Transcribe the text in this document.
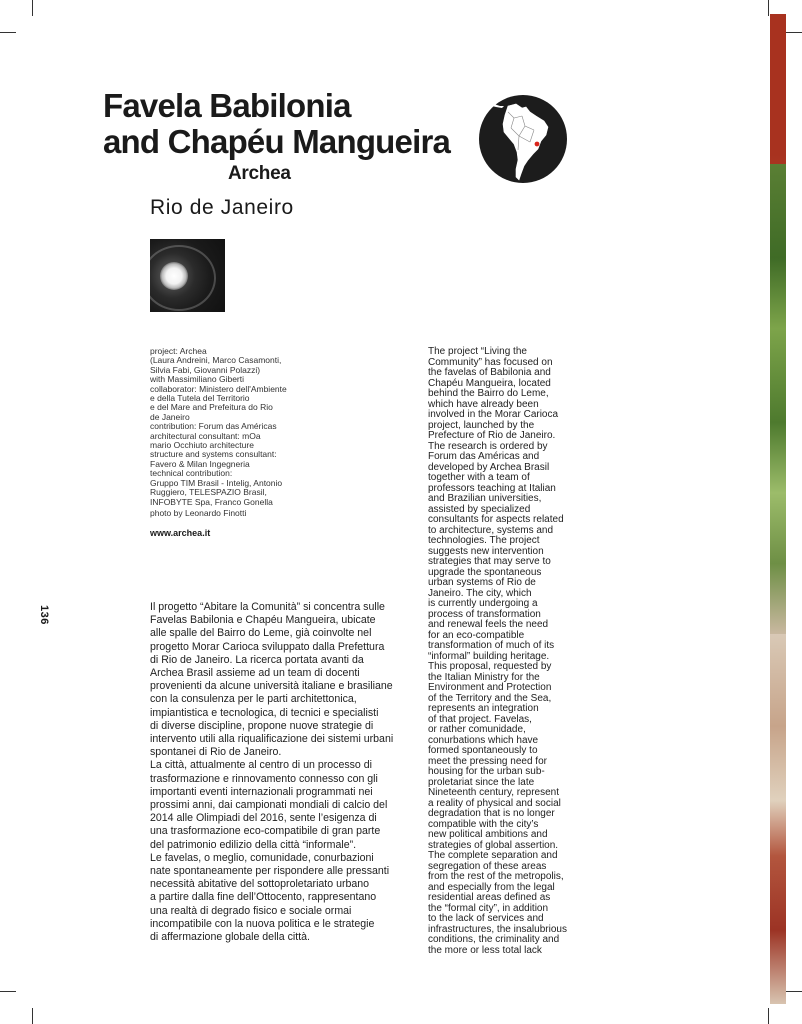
Favela Babilonia
and Chapéu Mangueira
Archea
Rio de Janeiro
project: Archea
(Laura Andreini, Marco Casamonti,
Silvia Fabi, Giovanni Polazzi)
with Massimiliano Giberti
collaborator: Ministero dell'Ambiente
e della Tutela del Territorio
e del Mare and Prefeitura do Rio
de Janeiro
contribution: Forum das Américas
architectural consultant: mOa
mario Occhiuto architecture
structure and systems consultant:
Favero & Milan Ingegneria
technical contribution:
Gruppo TIM Brasil - Intelig, Antonio
Ruggiero, TELESPAZIO Brasil,
INFOBYTE Spa, Franco Gonella
photo by Leonardo Finotti
www.archea.it
136	Il progetto “Abitare la Comunità” si concentra sulle
Favelas Babilonia e Chapéu Mangueira, ubicate
alle spalle del Bairro do Leme, già coinvolte nel
progetto Morar Carioca sviluppato dalla Prefettura
di Rio de Janeiro. La ricerca portata avanti da
Archea Brasil assieme ad un team di docenti
provenienti da alcune università italiane e brasiliane
con la consulenza per le parti architettonica,
impiantistica e tecnologica, di tecnici e specialisti
di diverse discipline, propone nuove strategie di
intervento utili alla riqualificazione dei sistemi urbani
spontanei di Rio de Janeiro.
La città, attualmente al centro di un processo di
trasformazione e rinnovamento connesso con gli
importanti eventi internazionali programmati nei
prossimi anni, dai campionati mondiali di calcio del
2014 alle Olimpiadi del 2016, sente l’esigenza di
una trasformazione eco-compatibile di gran parte
del patrimonio edilizio della città “informale”.
Le favelas, o meglio, comunidade, conurbazioni
nate spontaneamente per rispondere alle pressanti
necessità abitative del sottoproletariato urbano
a partire dalla fine dell’Ottocento, rappresentano
una realtà di degrado fisico e sociale ormai
incompatibile con la nuova politica e le strategie
di affermazione globale della città.
The project “Living the
Community” has focused on
the favelas of Babilonia and
Chapéu Mangueira, located
behind the Bairro do Leme,
which have already been
involved in the Morar Carioca
project, launched by the
Prefecture of Rio de Janeiro.
The research is ordered by
Forum das Américas and
developed by Archea Brasil
together with a team of
professors teaching at Italian
and Brazilian universities,
assisted by specialized
consultants for aspects related
to architecture, systems and
technologies. The project
suggests new intervention
strategies that may serve to
upgrade the spontaneous
urban systems of Rio de
Janeiro. The city, which
is currently undergoing a
process of transformation
and renewal feels the need
for an eco-compatible
transformation of much of its
“informal” building heritage.
This proposal, requested by
the Italian Ministry for the
Environment and Protection
of the Territory and the Sea,
represents an integration
of that project. Favelas,
or rather comunidade,
conurbations which have
formed spontaneously to
meet the pressing need for
housing for the urban sub-
proletariat since the late
Nineteenth century, represent
a reality of physical and social
degradation that is no longer
compatible with the city’s
new political ambitions and
strategies of global assertion.
The complete separation and
segregation of these areas
from the rest of the metropolis,
and especially from the legal
residential areas defined as
the “formal city”, in addition
to the lack of services and
infrastructures, the insalubrious
conditions, the criminality and
the more or less total lack
